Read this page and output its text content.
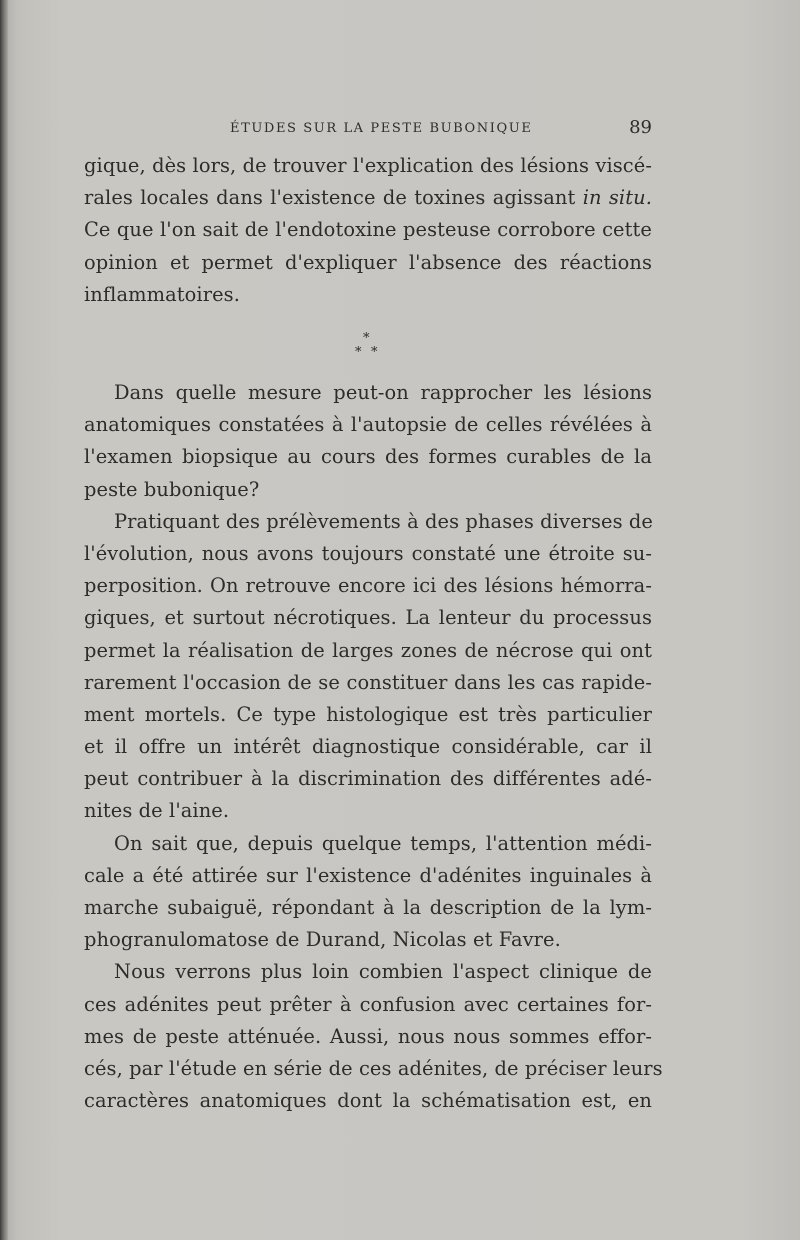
ÉTUDES SUR LA PESTE BUBONIQUE	89
gique, dès lors, de trouver l'explication des lésions viscé-
rales locales dans l'existence de toxines agissant in situ.
Ce que l'on sait de l'endotoxine pesteuse corrobore cette
opinion et permet d'expliquer l'absence des réactions
inflammatoires.
*
* *
Dans quelle mesure peut-on rapprocher les lésions
anatomiques constatées à l'autopsie de celles révélées à
l'examen biopsique au cours des formes curables de la
peste bubonique?
Pratiquant des prélèvements à des phases diverses de
l'évolution, nous avons toujours constaté une étroite su-
perposition. On retrouve encore ici des lésions hémorra-
giques, et surtout nécrotiques. La lenteur du processus
permet la réalisation de larges zones de nécrose qui ont
rarement l'occasion de se constituer dans les cas rapide-
ment mortels. Ce type histologique est très particulier
et il offre un intérêt diagnostique considérable, car il
peut contribuer à la discrimination des différentes adé-
nites de l'aine.
On sait que, depuis quelque temps, l'attention médi-
cale a été attirée sur l'existence d'adénites inguinales à
marche subaiguë, répondant à la description de la lym-
phogranulomatose de Durand, Nicolas et Favre.
Nous verrons plus loin combien l'aspect clinique de
ces adénites peut prêter à confusion avec certaines for-
mes de peste atténuée. Aussi, nous nous sommes effor-
cés, par l'étude en série de ces adénites, de préciser leurs
caractères anatomiques dont la schématisation est, en
